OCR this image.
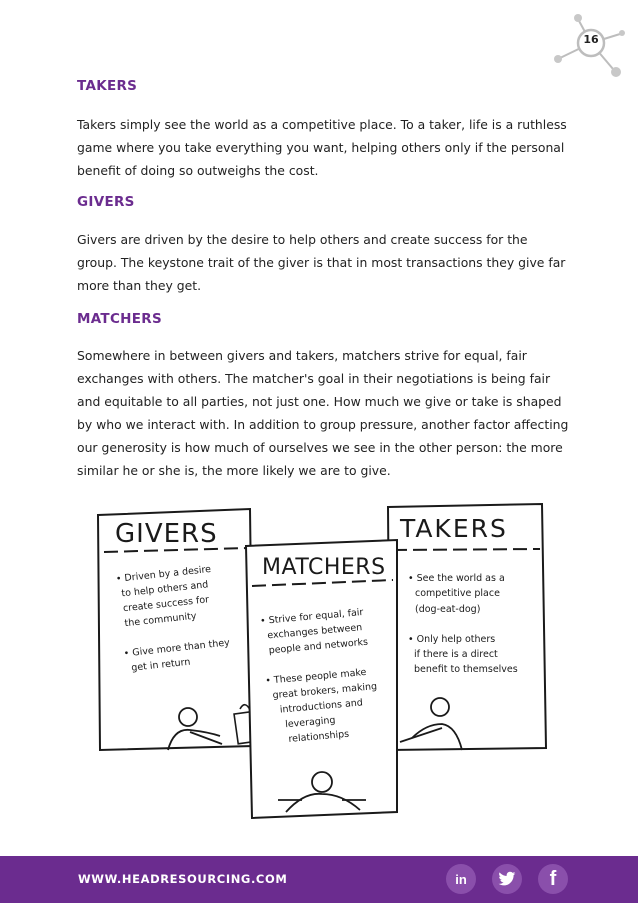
16
TAKERS

Takers simply see the world as a competitive place. To a taker, life is a ruthless game where you take everything you want, helping others only if the personal benefit of doing so outweighs the cost.

GIVERS

Givers are driven by the desire to help others and create success for the group. The keystone trait of the giver is that in most transactions they give far more than they get.

MATCHERS

Somewhere in between givers and takers, matchers strive for equal, fair exchanges with others. The matcher's goal in their negotiations is being fair and equitable to all parties, not just one. How much we give or take is shaped by who we interact with. In addition to group pressure, another factor affecting our generosity is how much of ourselves we see in the other person: the more similar he or she is, the more likely we are to give.

GIVERS
• Driven by a desire
to help others and
create success for
the community
• Give more than they
get in return
TAKERS
• See the world as a
competitive place
(dog-eat-dog)
• Only help others
if there is a direct
benefit to themselves
MATCHERS
• Strive for equal, fair
exchanges between
people and networks
• These people make
great brokers, making
introductions and
leveraging
relationships
WWW.HEADRESOURCING.COM	in	f
